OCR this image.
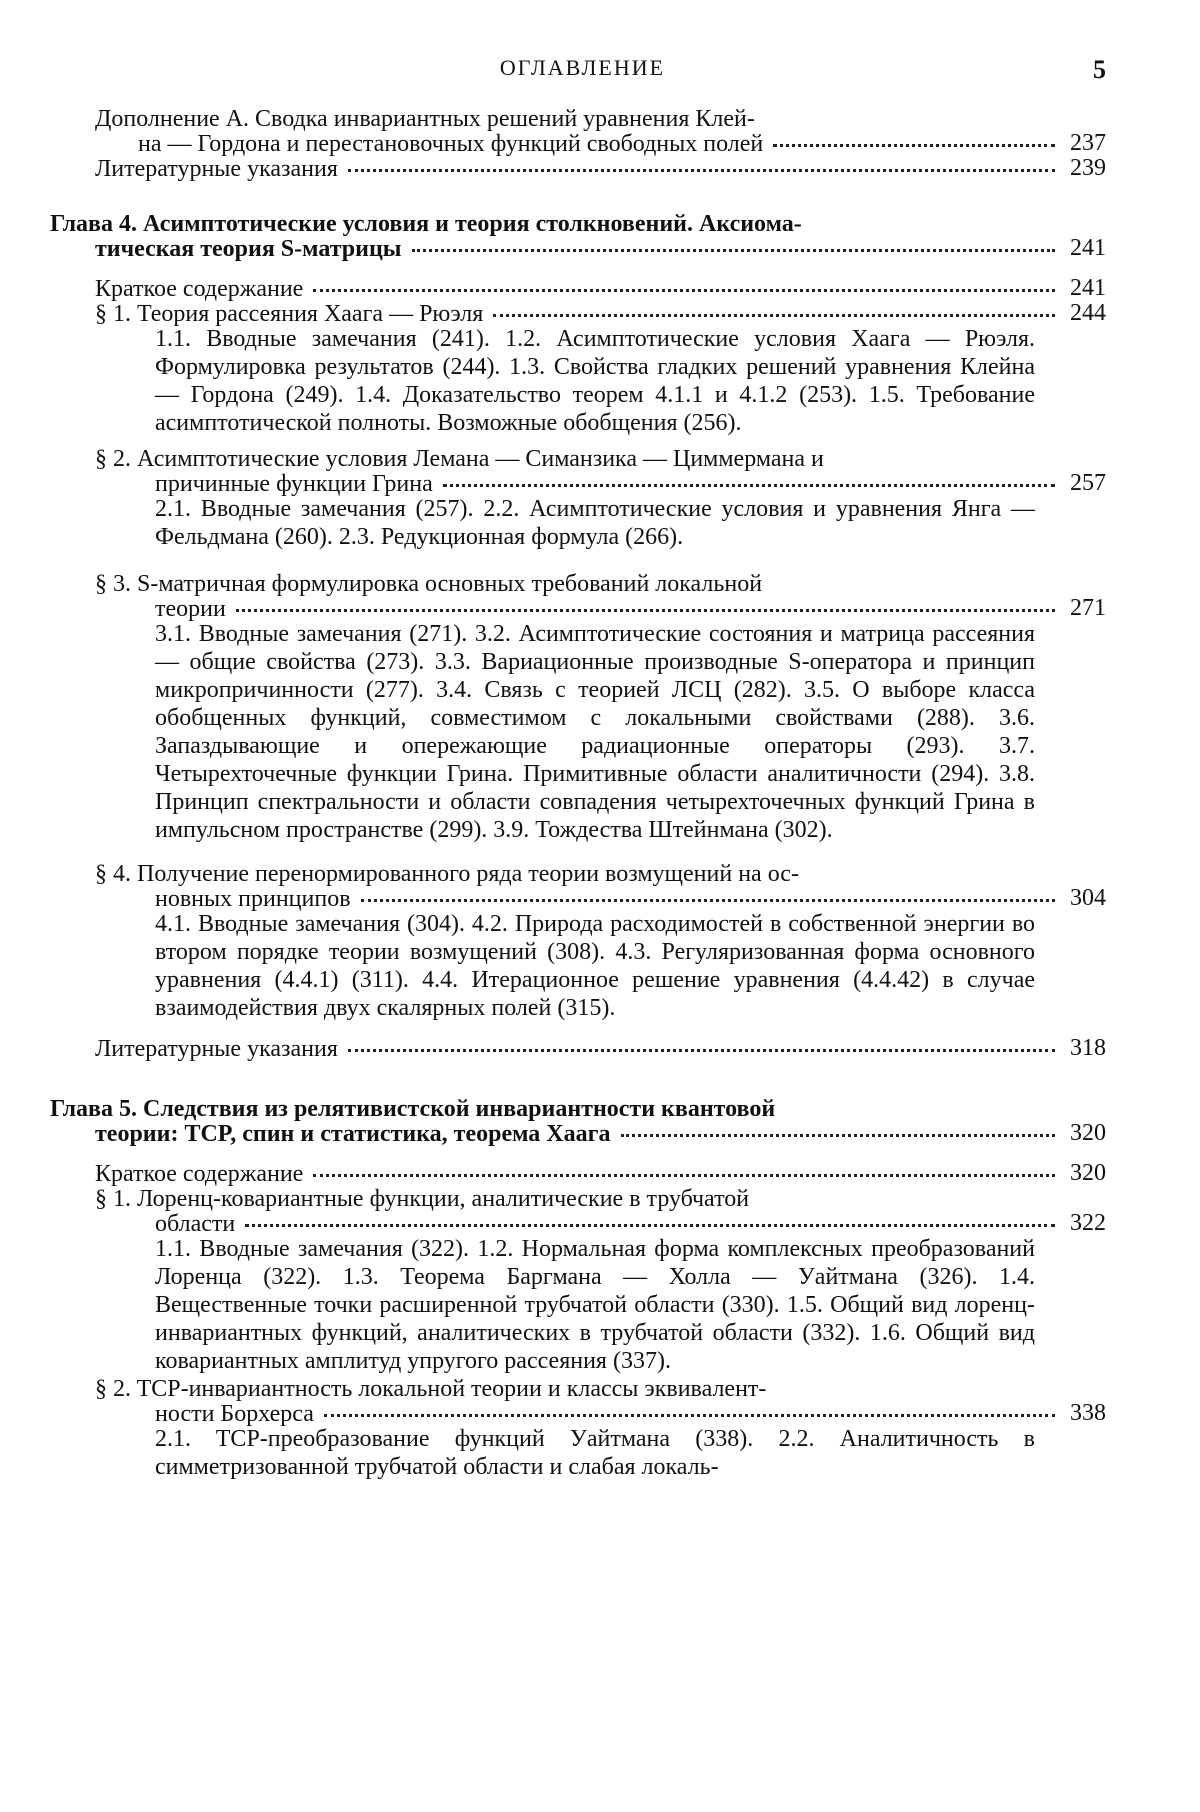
ОГЛАВЛЕНИЕ	5
Дополнение А. Сводка инвариантных решений уравнения Клей-
на — Гордона и перестановочных функций свободных полей	237
Литературные указания	239
Глава 4. Асимптотические условия и теория столкновений. Аксиома-
тическая теория S-матрицы	241
Краткое содержание	241
§ 1. Теория рассеяния Хаага — Рюэля	244

1.1. Вводные замечания (241). 1.2. Асимптотические условия Хаага — Рюэля. Формулировка результатов (244). 1.3. Свойства гладких решений уравнения Клейна — Гордона (249). 1.4. Доказательство теорем 4.1.1 и 4.1.2 (253). 1.5. Требование асимптотической полноты. Возможные обобщения (256).

§ 2. Асимптотические условия Лемана — Симанзика — Циммермана и
причинные функции Грина	257

2.1. Вводные замечания (257). 2.2. Асимптотические условия и уравнения Янга — Фельдмана (260). 2.3. Редукционная формула (266).

§ 3. S-матричная формулировка основных требований локальной
теории	271

3.1. Вводные замечания (271). 3.2. Асимптотические состояния и матрица рассеяния — общие свойства (273). 3.3. Вариационные производные S-оператора и принцип микропричинности (277). 3.4. Связь с теорией ЛСЦ (282). 3.5. О выборе класса обобщенных функций, совместимом с локальными свойствами (288). 3.6. Запаздывающие и опережающие радиационные операторы (293). 3.7. Четырехточечные функции Грина. Примитивные области аналитичности (294). 3.8. Принцип спектральности и области совпадения четырехточечных функций Грина в импульсном пространстве (299). 3.9. Тождества Штейнмана (302).

§ 4. Получение перенормированного ряда теории возмущений на ос-
новных принципов	304

4.1. Вводные замечания (304). 4.2. Природа расходимостей в собственной энергии во втором порядке теории возмущений (308). 4.3. Регуляризованная форма основного уравнения (4.4.1) (311). 4.4. Итерационное решение уравнения (4.4.42) в случае взаимодействия двух скалярных полей (315).

Литературные указания	318
Глава 5. Следствия из релятивистской инвариантности квантовой
теории: TCP, спин и статистика, теорема Хаага	320
Краткое содержание	320
§ 1. Лоренц-ковариантные функции, аналитические в трубчатой
области	322

1.1. Вводные замечания (322). 1.2. Нормальная форма комплексных преобразований Лоренца (322). 1.3. Теорема Баргмана — Холла — Уайтмана (326). 1.4. Вещественные точки расширенной трубчатой области (330). 1.5. Общий вид лоренц-инвариантных функций, аналитических в трубчатой области (332). 1.6. Общий вид ковариантных амплитуд упругого рассеяния (337).

§ 2. TCP-инвариантность локальной теории и классы эквивалент-
ности Борхерса	338

2.1. TCP-преобразование функций Уайтмана (338). 2.2. Аналитичность в симметризованной трубчатой области и слабая локаль-
